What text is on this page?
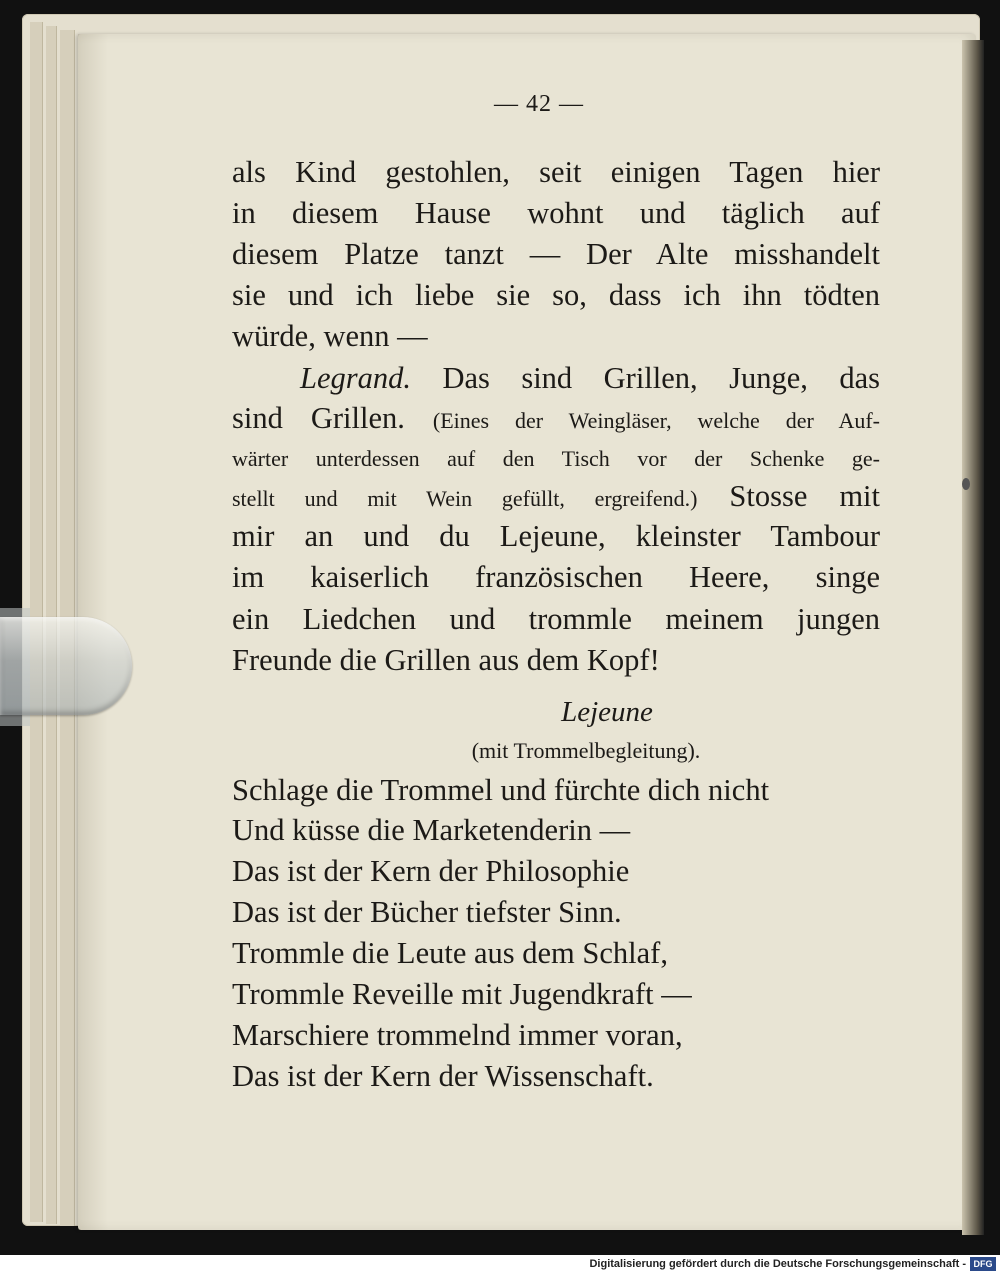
— 42 —
als Kind gestohlen, seit einigen Tagen hier
in diesem Hause wohnt und täglich auf
diesem Platze tanzt — Der Alte misshandelt
sie und ich liebe sie so, dass ich ihn tödten
würde, wenn —
Legrand. Das sind Grillen, Junge, das
sind Grillen. (Eines der Weingläser, welche der Auf-
wärter unterdessen auf den Tisch vor der Schenke ge-
stellt und mit Wein gefüllt, ergreifend.) Stosse mit
mir an und du Lejeune, kleinster Tambour
im kaiserlich französischen Heere, singe
ein Liedchen und trommle meinem jungen
Freunde die Grillen aus dem Kopf!
Lejeune
(mit Trommelbegleitung).
Schlage die Trommel und fürchte dich nicht
Und küsse die Marketenderin —
Das ist der Kern der Philosophie
Das ist der Bücher tiefster Sinn.
Trommle die Leute aus dem Schlaf,
Trommle Reveille mit Jugendkraft —
Marschiere trommelnd immer voran,
Das ist der Kern der Wissenschaft.
Digitalisierung gefördert durch die Deutsche Forschungsgemeinschaft - DFG
